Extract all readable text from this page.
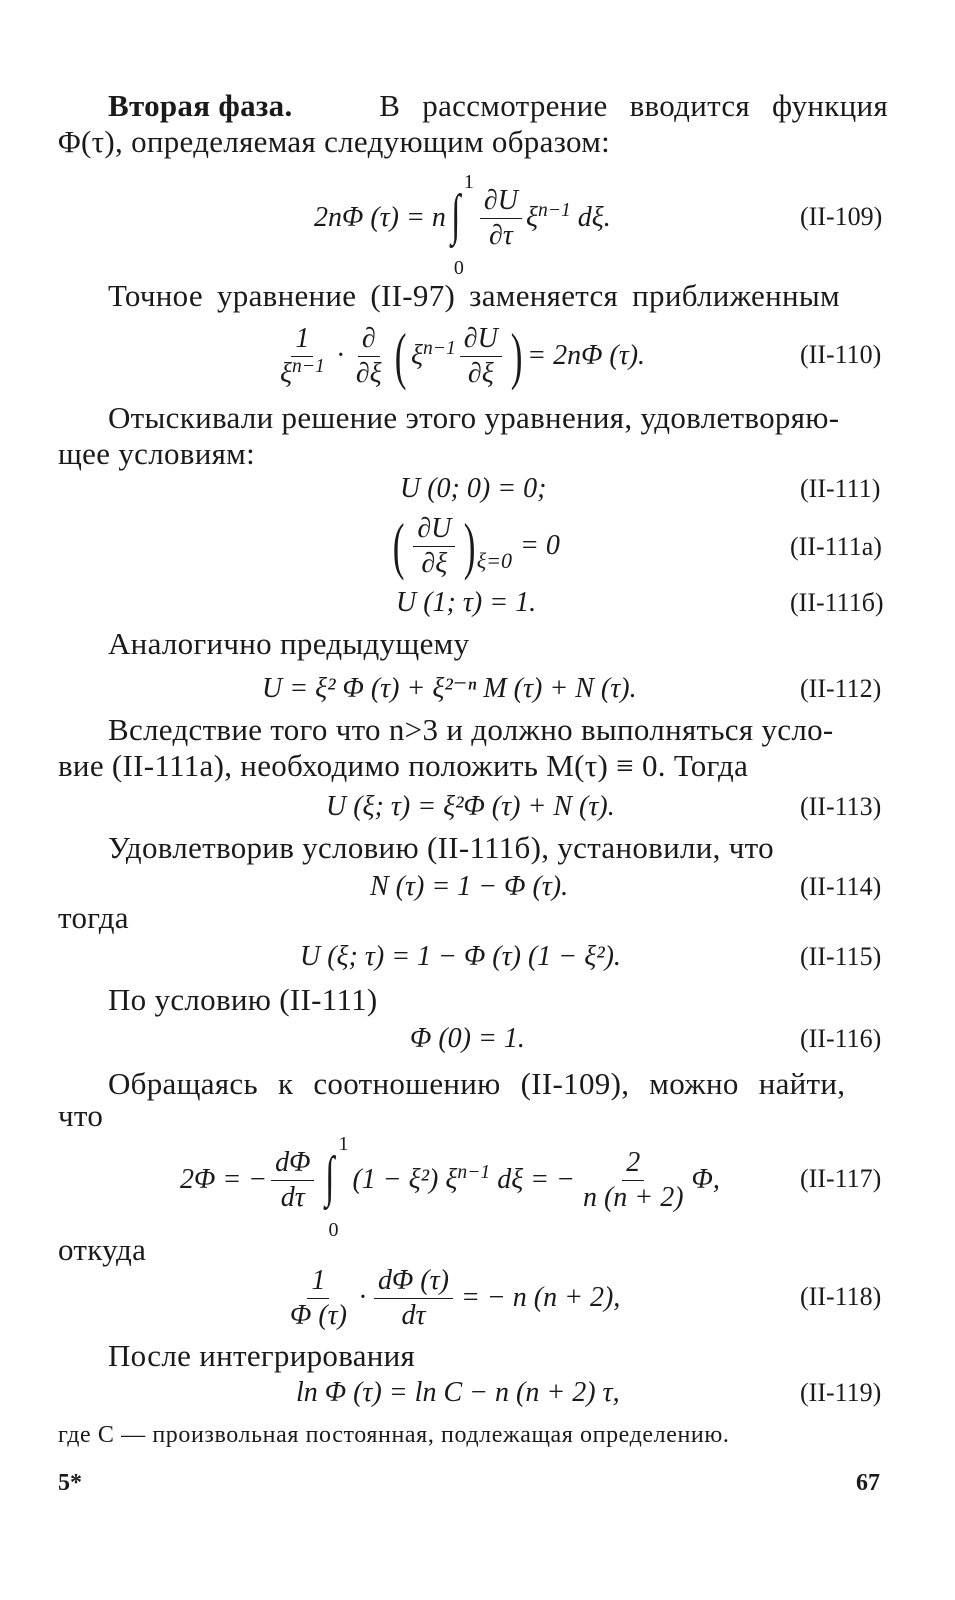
Вторая фаза.	В рассмотрение вводится функция
Φ(τ), определяемая следующим образом:
2nΦ (τ) = n ∫
1
0
$\frac{\partial U}{\partial\tau} \xi^{n-1}$ dξ.	(II-109)
Точное уравнение (II-97) заменяется приближенным
$\frac{1}{\xi^{n-1}} \cdot \frac{\partial}{\partial\xi}$ ( $\xi^{n-1} \frac{\partial U}{\partial\xi}$ ) = 2nΦ (τ).	(II-110)
Отыскивали решение этого уравнения, удовлетворяю-
щее условиям:
U (0; 0) = 0;	(II-111)
( $\frac{\partial U}{\partial\xi}$ ) ξ=0 = 0	(II-111а)
U (1; τ) = 1.	(II-111б)
Аналогично предыдущему
U = ξ² Φ (τ) + ξ²⁻ⁿ M (τ) + N (τ).	(II-112)
Вследствие того что n>3 и должно выполняться усло-
вие (II-111а), необходимо положить M(τ) ≡ 0. Тогда
U (ξ; τ) = ξ²Φ (τ) + N (τ).	(II-113)
Удовлетворив условию (II-111б), установили, что
N (τ) = 1 − Φ (τ).	(II-114)
тогда
U (ξ; τ) = 1 − Φ (τ) (1 − ξ²).	(II-115)
По условию (II-111)
Φ (0) = 1.	(II-116)
Обращаясь к соотношению (II-109), можно найти,
что
2Φ = − $\frac{d\Phi}{d\tau}$ ∫
1
0
(1 − ξ²) $\xi^{n-1}$ dξ = − $\frac{2}{n (n + 2)} \Phi$,	(II-117)
откуда
$\frac{1}{\Phi (\tau)} \cdot \frac{d\Phi (\tau)}{d\tau}$ = − n (n + 2),	(II-118)
После интегрирования
ln Φ (τ) = ln C − n (n + 2) τ,	(II-119)
где C — произвольная постоянная, подлежащая определению.
5*	67
